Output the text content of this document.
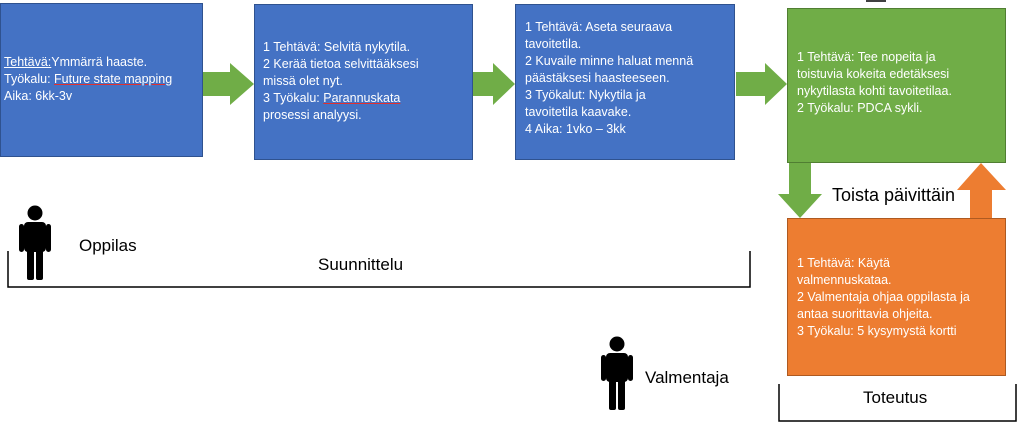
Tehtävä:Ymmärrä haaste.
Työkalu: Future state mapping
Aika: 6kk-3v
1 Tehtävä: Selvitä nykytila.
2 Kerää tietoa selvittääksesi
missä olet nyt.
3 Työkalu: Parannuskata
prosessi analyysi.
1 Tehtävä: Aseta seuraava
tavoitetila.
2 Kuvaile minne haluat mennä
päästäksesi haasteeseen.
3 Työkalut: Nykytila ja
tavoitetila kaavake.
4 Aika: 1vko – 3kk
1 Tehtävä: Tee nopeita ja
toistuvia kokeita edetäksesi
nykytilasta kohti tavoitetilaa.
2 Työkalu: PDCA sykli.
1 Tehtävä: Käytä
valmennuskataa.
2 Valmentaja ohjaa oppilasta ja
antaa suorittavia ohjeita.
3 Työkalu: 5 kysymystä kortti
Toista päivittäin
Oppilas
Suunnittelu
Valmentaja
Toteutus
